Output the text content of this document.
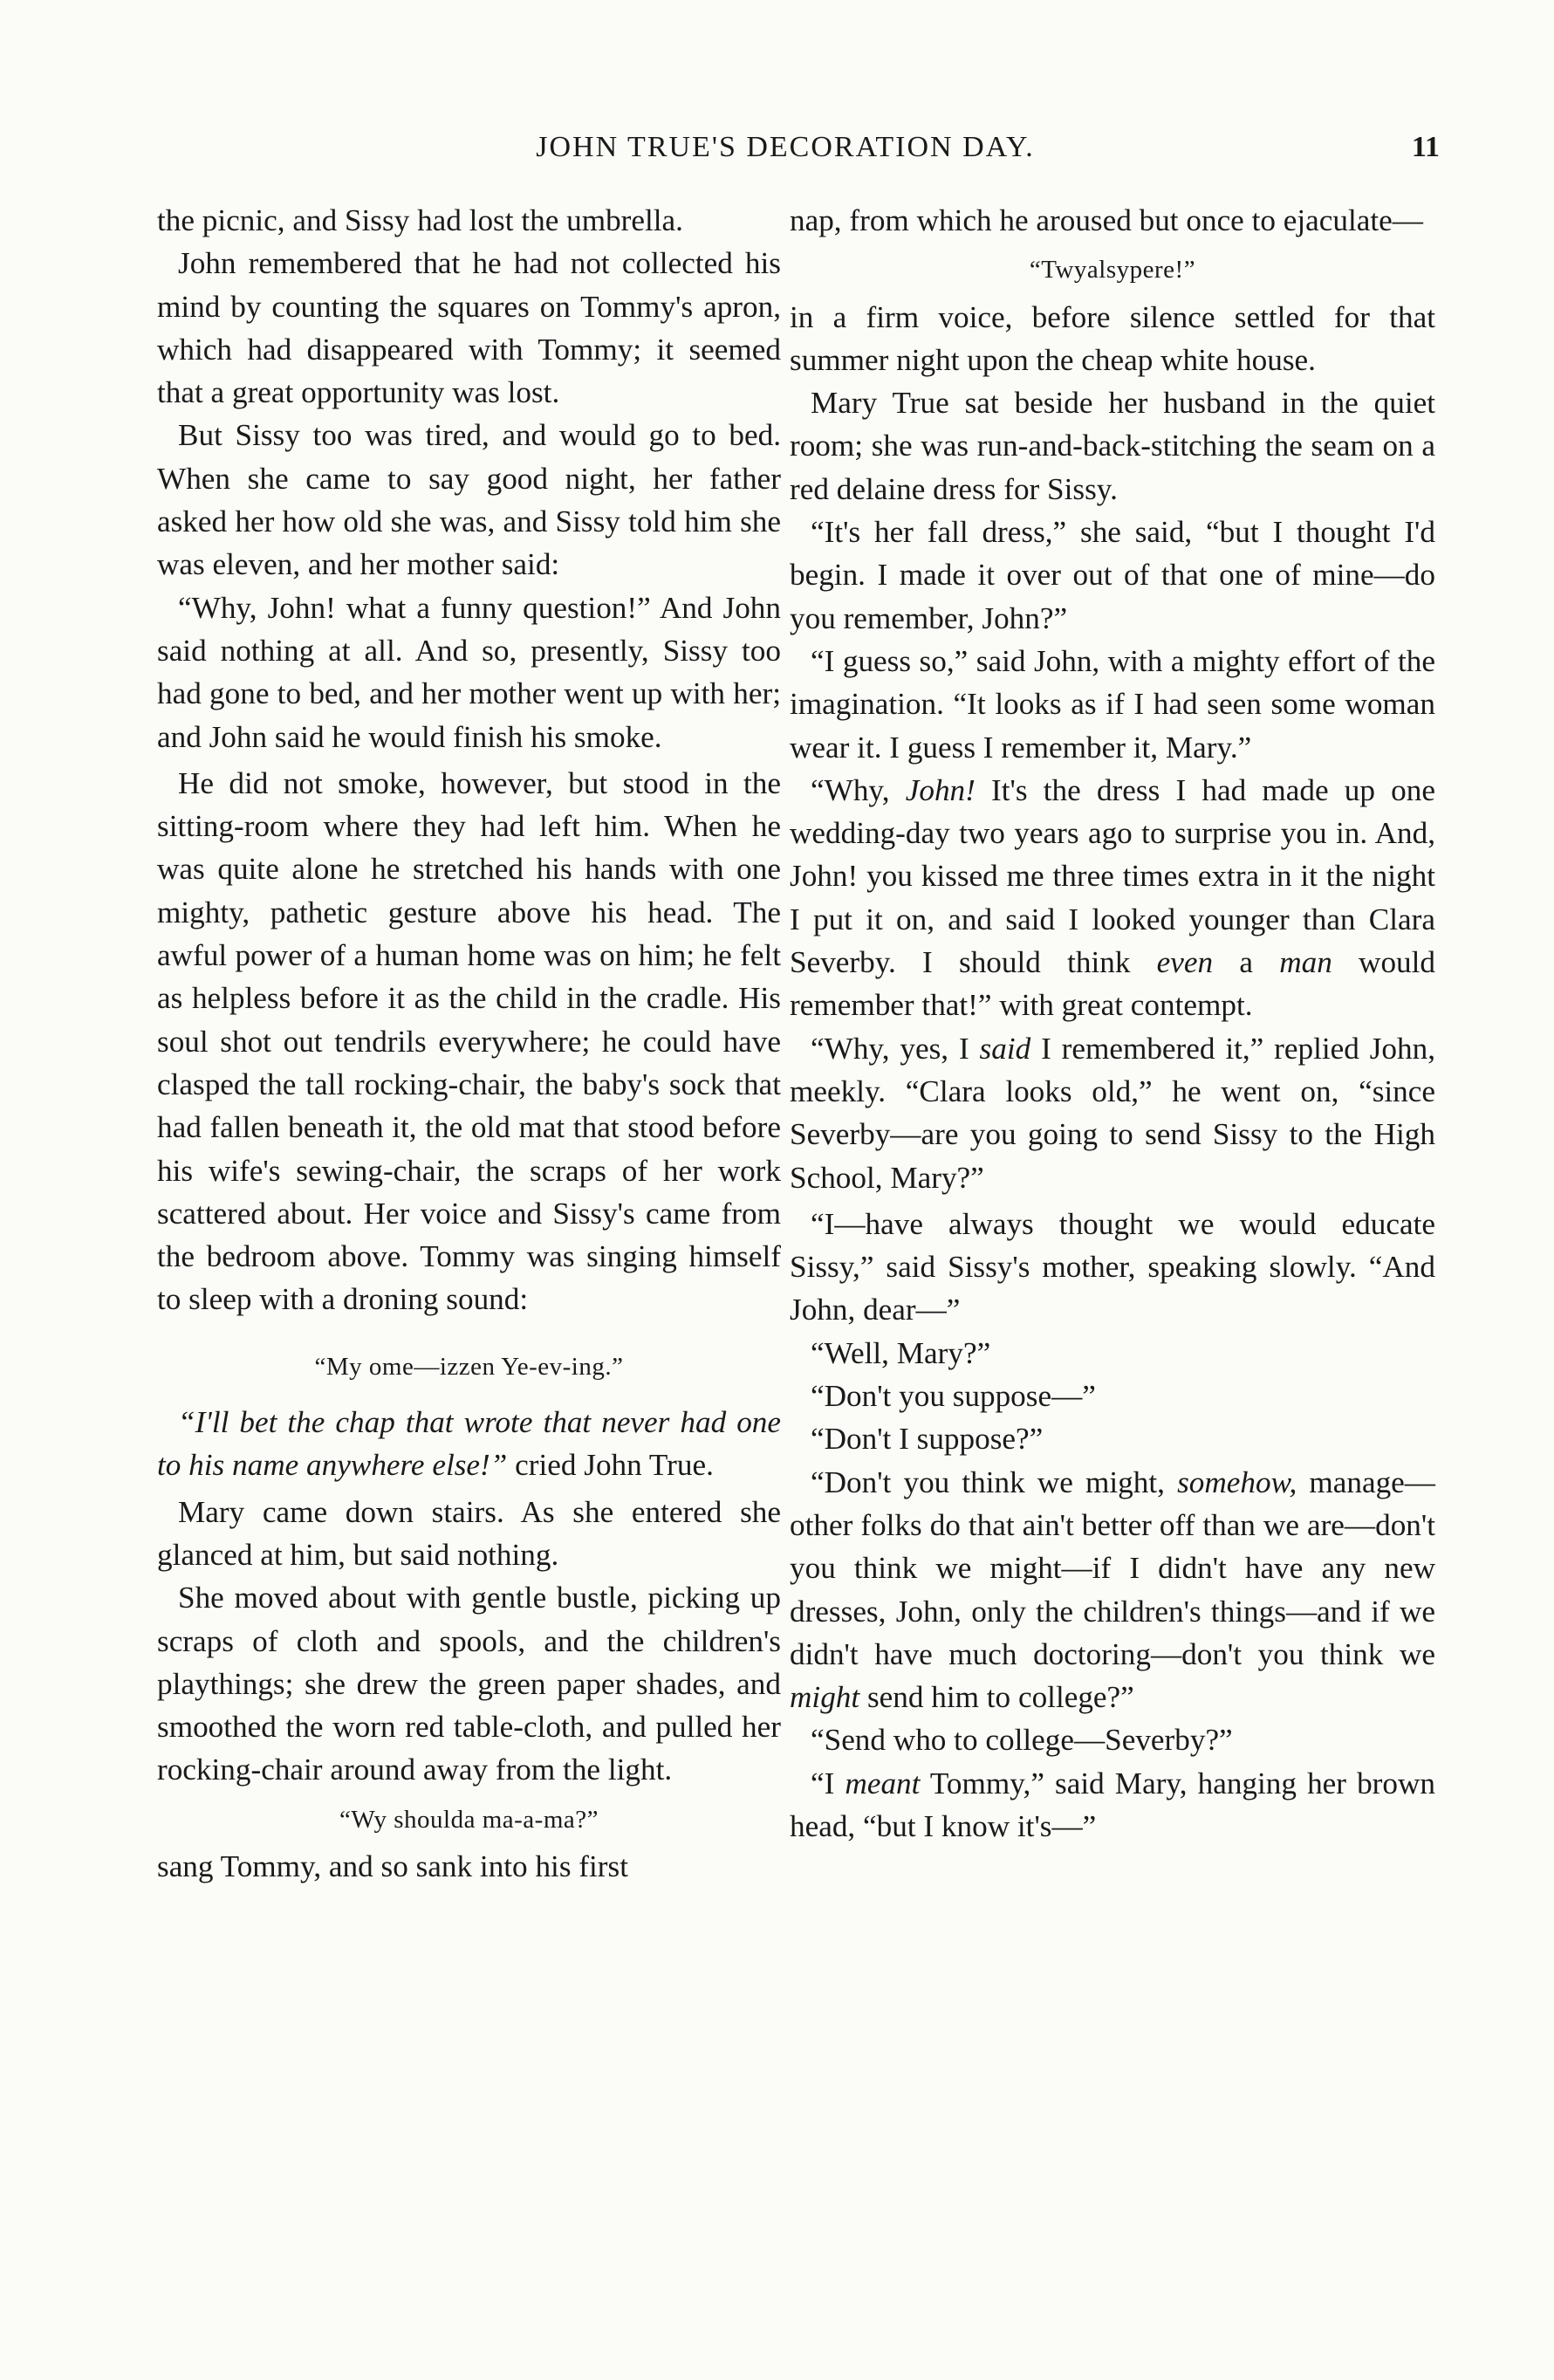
JOHN TRUE'S DECORATION DAY.	11

the picnic, and Sissy had lost the umbrella.

John remembered that he had not collected his mind by counting the squares on Tommy's apron, which had disappeared with Tommy; it seemed that a great opportunity was lost.

But Sissy too was tired, and would go to bed. When she came to say good night, her father asked her how old she was, and Sissy told him she was eleven, and her mother said:

“Why, John! what a funny question!” And John said nothing at all. And so, presently, Sissy too had gone to bed, and her mother went up with her; and John said he would finish his smoke.

He did not smoke, however, but stood in the sitting-room where they had left him. When he was quite alone he stretched his hands with one mighty, pathetic gesture above his head. The awful power of a human home was on him; he felt as helpless before it as the child in the cradle. His soul shot out tendrils everywhere; he could have clasped the tall rocking-chair, the baby's sock that had fallen beneath it, the old mat that stood before his wife's sewing-chair, the scraps of her work scattered about. Her voice and Sissy's came from the bedroom above. Tommy was singing himself to sleep with a droning sound:

“My ome—izzen Ye-ev-ing.”

“I'll bet the chap that wrote that never had one to his name anywhere else!” cried John True.

Mary came down stairs. As she entered she glanced at him, but said nothing.

She moved about with gentle bustle, picking up scraps of cloth and spools, and the children's playthings; she drew the green paper shades, and smoothed the worn red table-cloth, and pulled her rocking-chair around away from the light.

“Wy shoulda ma-a-ma?”

sang Tommy, and so sank into his first

nap, from which he aroused but once to ejaculate—

“Twyalsypere!”

in a firm voice, before silence settled for that summer night upon the cheap white house.

Mary True sat beside her husband in the quiet room; she was run-and-back-stitching the seam on a red delaine dress for Sissy.

“It's her fall dress,” she said, “but I thought I'd begin. I made it over out of that one of mine—do you remember, John?”

“I guess so,” said John, with a mighty effort of the imagination. “It looks as if I had seen some woman wear it. I guess I remember it, Mary.”

“Why, John! It's the dress I had made up one wedding-day two years ago to surprise you in. And, John! you kissed me three times extra in it the night I put it on, and said I looked younger than Clara Severby. I should think even a man would remember that!” with great contempt.

“Why, yes, I said I remembered it,” replied John, meekly. “Clara looks old,” he went on, “since Severby—are you going to send Sissy to the High School, Mary?”

“I—have always thought we would educate Sissy,” said Sissy's mother, speaking slowly. “And John, dear—”

“Well, Mary?”

“Don't you suppose—”

“Don't I suppose?”

“Don't you think we might, somehow, manage—other folks do that ain't better off than we are—don't you think we might—if I didn't have any new dresses, John, only the children's things—and if we didn't have much doctoring—don't you think we might send him to college?”

“Send who to college—Severby?”

“I meant Tommy,” said Mary, hanging her brown head, “but I know it's—”
